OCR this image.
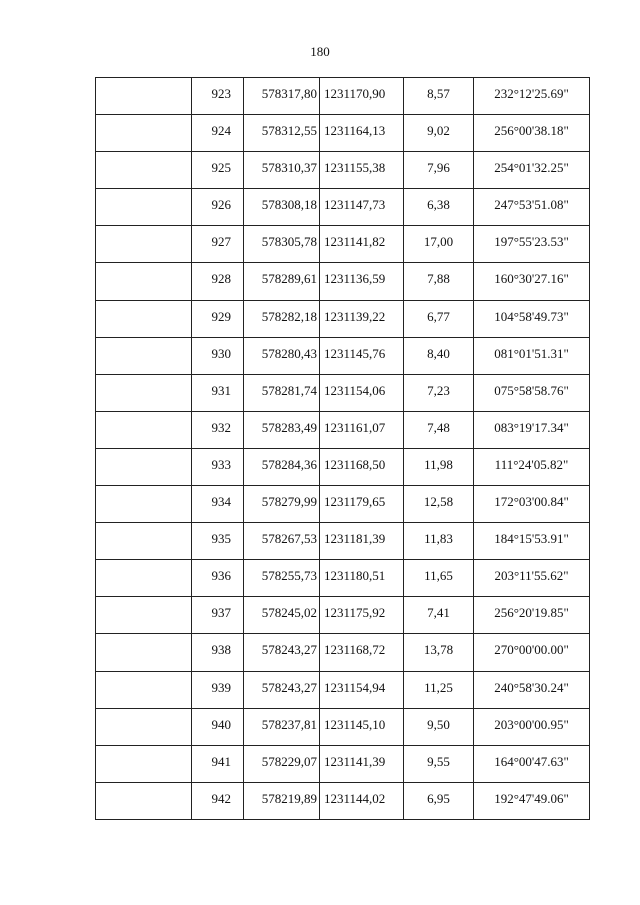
180

	923	578317,80	1231170,90	8,57	232°12'25.69"

	924	578312,55	1231164,13	9,02	256°00'38.18"

	925	578310,37	1231155,38	7,96	254°01'32.25"

	926	578308,18	1231147,73	6,38	247°53'51.08"

	927	578305,78	1231141,82	17,00	197°55'23.53"

	928	578289,61	1231136,59	7,88	160°30'27.16"

	929	578282,18	1231139,22	6,77	104°58'49.73"

	930	578280,43	1231145,76	8,40	081°01'51.31"

	931	578281,74	1231154,06	7,23	075°58'58.76"

	932	578283,49	1231161,07	7,48	083°19'17.34"

	933	578284,36	1231168,50	11,98	111°24'05.82"

	934	578279,99	1231179,65	12,58	172°03'00.84"

	935	578267,53	1231181,39	11,83	184°15'53.91"

	936	578255,73	1231180,51	11,65	203°11'55.62"

	937	578245,02	1231175,92	7,41	256°20'19.85"

	938	578243,27	1231168,72	13,78	270°00'00.00"

	939	578243,27	1231154,94	11,25	240°58'30.24"

	940	578237,81	1231145,10	9,50	203°00'00.95"

	941	578229,07	1231141,39	9,55	164°00'47.63"

	942	578219,89	1231144,02	6,95	192°47'49.06"
